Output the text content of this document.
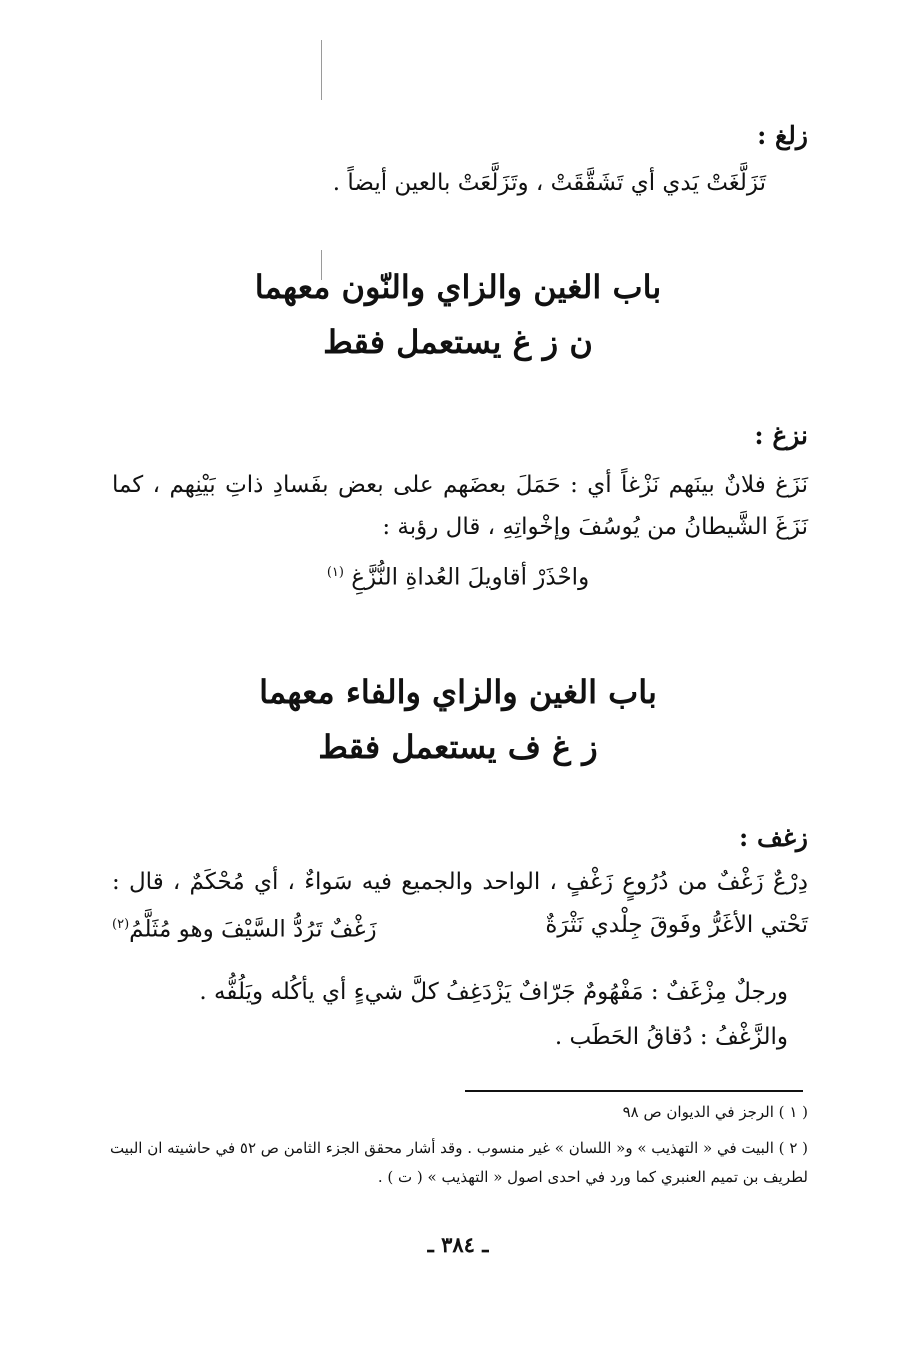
زلغ :
تَزَلَّغَتْ يَدي أي تَشَقَّقَتْ ، وتَزَلَّعَتْ بالعين أيضاً .
باب الغين والزاي والنّون معهما
ن ز غ يستعمل فقط
نزغ :
نَزَغ فلانٌ بينَهم نَزْغاً أي : حَمَلَ بعضَهم على بعض بفَسادِ ذاتِ بَيْنِهم ، كما
نَزَغَ الشَّيطانُ من يُوسُفَ وإخْواتِهِ ، قال رؤبة :
واحْذَرْ أقاويلَ العُداةِ النُّزَّغِ $^{(١)}$
باب الغين والزاي والفاء معهما
ز غ ف يستعمل فقط
زغف :
دِرْعٌ زَغْفٌ من دُرُوعٍ زَغْفٍ ، الواحد والجميع فيه سَواءٌ ، أي مُحْكَمٌ ، قال :
تَحْتي الأغَرُّ وفَوقَ جِلْدي نَثْرَةٌ
زَغْفٌ تَرُدُّ السَّيْفَ وهو مُثَلَّمُ$^{(٢)}$
ورجلٌ مِزْغَفٌ : مَفْهُومٌ جَرّافٌ يَزْدَغِفُ كلَّ شيءٍ أي يأكُله ويَلُفُّه .
والزَّغْفُ : دُقاقُ الحَطَب .
( ١ ) الرجز في الديوان ص ٩٨
( ٢ ) البيت في « التهذيب » و« اللسان » غير منسوب . وقد أشار محقق الجزء الثامن ص ٥٢ في حاشيته ان البيت
لطريف بن تميم العنبري كما ورد في احدى اصول « التهذيب » ( ت ) .
ـ ٣٨٤ ـ
